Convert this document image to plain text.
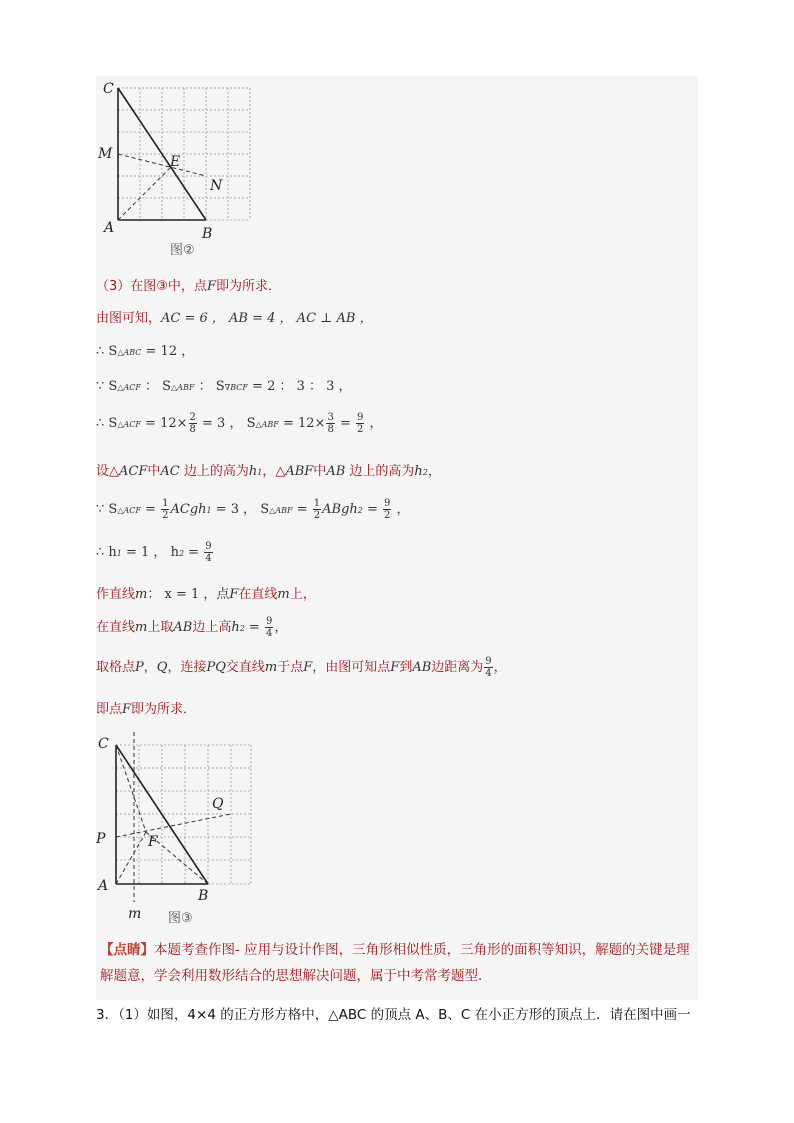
C
M	E
N
A	B
图②
（3）在图③中，点F即为所求．
由图可知，AC = 6 ， AB = 4 ， AC ⊥ AB ，
∴ S△ABC = 12 ，
∵ S△ACF ： S△ABF ： S∇BCF = 2 ： 3 ： 3 ，
∴ S△ACF = $12\times \frac{2}{8} = 3$ ， S△ABF = $12\times \frac{3}{8} = \frac{9}{2}$ ，
设△ACF中AC 边上的高为h1，△ABF中AB 边上的高为h2，
∵ S△ACF = $\frac{1}{2}$ ACgh1 = 3 ， S△ABF = $\frac{1}{2}$ ABgh2 = $\frac{9}{2}$ ，
∴ h1 = 1 ， $h2 = \frac{9}{4}$
作直线m： x = 1 ，点F在直线m上，
在直线m上取AB边上高$h2 = \frac{9}{4}$ ，
取格点P，Q，连接PQ交直线m于点F，由图可知点F到AB边距离为 $\frac{9}{4}$ ，
即点F即为所求．
C
Q
P	F
A
B
m 图③
【点睛】本题考查作图- 应用与设计作图，三角形相似性质，三角形的面积等知识，解题的关键是理解题意，学会利用数形结合的思想解决问题，属于中考常考题型．
3．（1）如图，4×4 的正方形方格中，△ABC 的顶点 A、B、C 在小正方形的顶点上．请在图中画一
